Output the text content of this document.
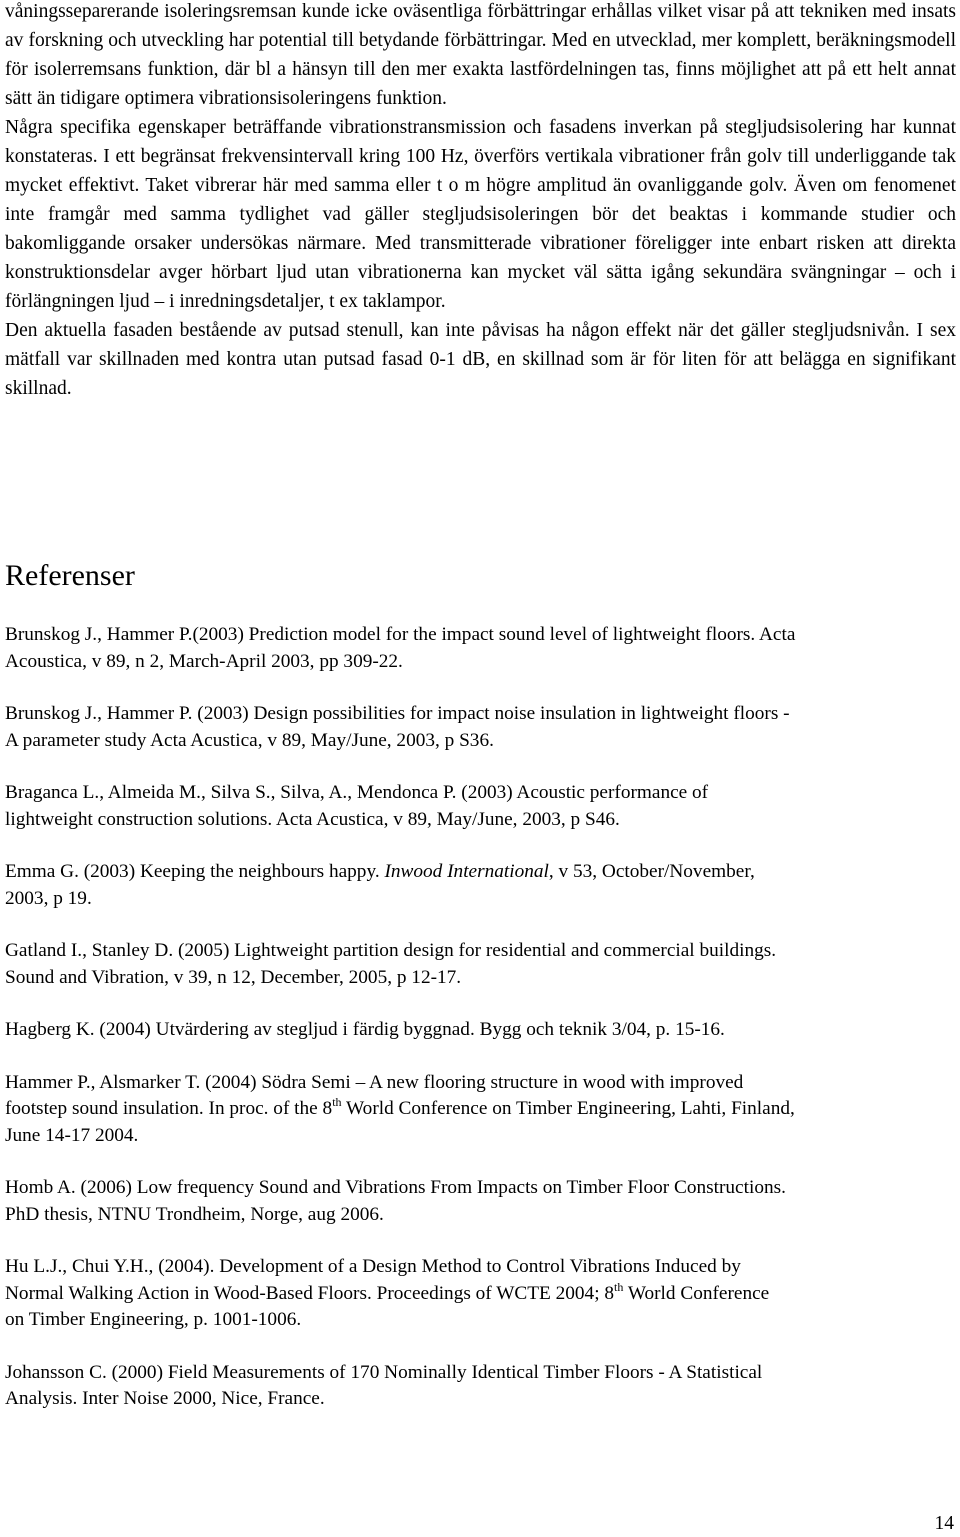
våningsseparerande isoleringsremsan kunde icke oväsentliga förbättringar erhållas vilket visar på att tekniken med insats av forskning och utveckling har potential till betydande förbättringar. Med en utvecklad, mer komplett, beräkningsmodell för isolerremsans funktion, där bl a hänsyn till den mer exakta lastfördelningen tas, finns möjlighet att på ett helt annat sätt än tidigare optimera vibrationsisoleringens funktion.

Några specifika egenskaper beträffande vibrationstransmission och fasadens inverkan på stegljudsisolering har kunnat konstateras. I ett begränsat frekvensintervall kring 100 Hz, överförs vertikala vibrationer från golv till underliggande tak mycket effektivt. Taket vibrerar här med samma eller t o m högre amplitud än ovanliggande golv. Även om fenomenet inte framgår med samma tydlighet vad gäller stegljudsisoleringen bör det beaktas i kommande studier och bakomliggande orsaker undersökas närmare. Med transmitterade vibrationer föreligger inte enbart risken att direkta konstruktionsdelar avger hörbart ljud utan vibrationerna kan mycket väl sätta igång sekundära svängningar – och i förlängningen ljud – i inredningsdetaljer, t ex taklampor.

Den aktuella fasaden bestående av putsad stenull, kan inte påvisas ha någon effekt när det gäller stegljudsnivån. I sex mätfall var skillnaden med kontra utan putsad fasad 0-1 dB, en skillnad som är för liten för att belägga en signifikant skillnad.

Referenser

Brunskog J., Hammer P.(2003) Prediction model for the impact sound level of lightweight floors. Acta
Acoustica, v 89, n 2, March-April 2003, pp 309-22.

Brunskog J., Hammer P. (2003) Design possibilities for impact noise insulation in lightweight floors -
A parameter study Acta Acustica, v 89, May/June, 2003, p S36.

Braganca L., Almeida M., Silva S., Silva, A., Mendonca P. (2003) Acoustic performance of
lightweight construction solutions. Acta Acustica, v 89, May/June, 2003, p S46.

Emma G. (2003) Keeping the neighbours happy. Inwood International, v 53, October/November,
2003, p 19.

Gatland I., Stanley D. (2005) Lightweight partition design for residential and commercial buildings.
Sound and Vibration, v 39, n 12, December, 2005, p 12-17.

Hagberg K. (2004) Utvärdering av stegljud i färdig byggnad. Bygg och teknik 3/04, p. 15-16.

Hammer P., Alsmarker T. (2004) Södra Semi – A new flooring structure in wood with improved
footstep sound insulation. In proc. of the 8th World Conference on Timber Engineering, Lahti, Finland,
June 14-17 2004.

Homb A. (2006) Low frequency Sound and Vibrations From Impacts on Timber Floor Constructions.
PhD thesis, NTNU Trondheim, Norge, aug 2006.

Hu L.J., Chui Y.H., (2004). Development of a Design Method to Control Vibrations Induced by
Normal Walking Action in Wood-Based Floors. Proceedings of WCTE 2004; 8th World Conference
on Timber Engineering, p. 1001-1006.

Johansson C. (2000) Field Measurements of 170 Nominally Identical Timber Floors - A Statistical
Analysis. Inter Noise 2000, Nice, France.

14
